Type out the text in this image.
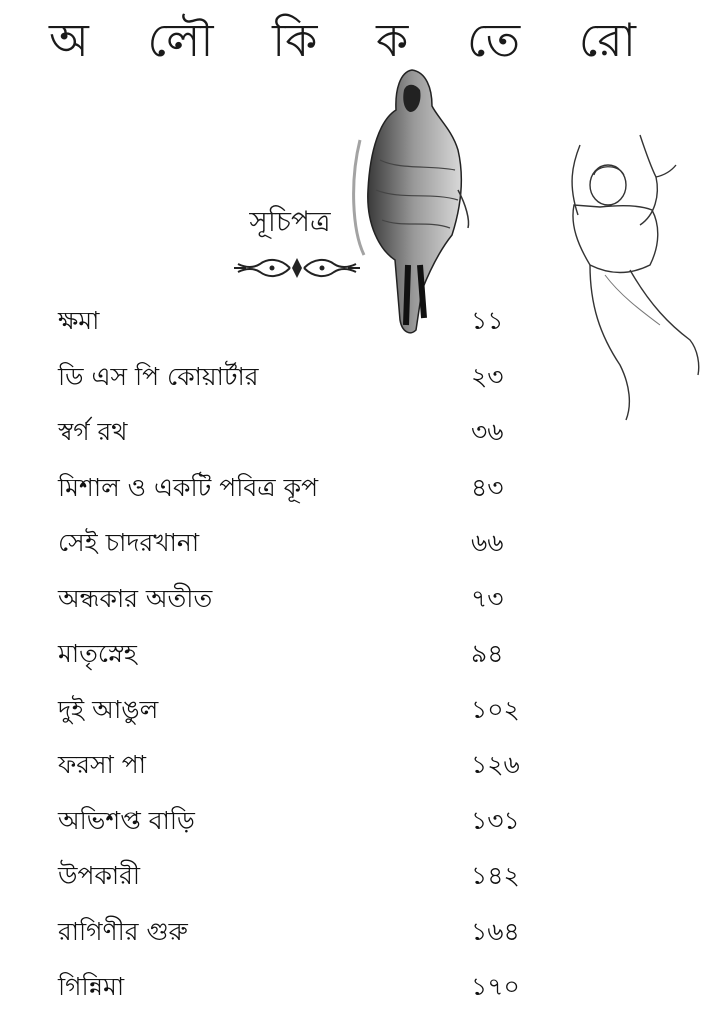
অ লৌ কি ক তে রো
সূচিপত্র
ক্ষমা	১১
ডি এস পি কোয়ার্টার	২৩
স্বর্গ রথ	৩৬
মিশাল ও একটি পবিত্র কূপ	৪৩
সেই চাদরখানা	৬৬
অন্ধকার অতীত	৭৩
মাতৃস্নেহ	৯৪
দুই আঙুল	১০২
ফরসা পা	১২৬
অভিশপ্ত বাড়ি	১৩১
উপকারী	১৪২
রাগিণীর গুরু	১৬৪
গিন্নিমা	১৭০
